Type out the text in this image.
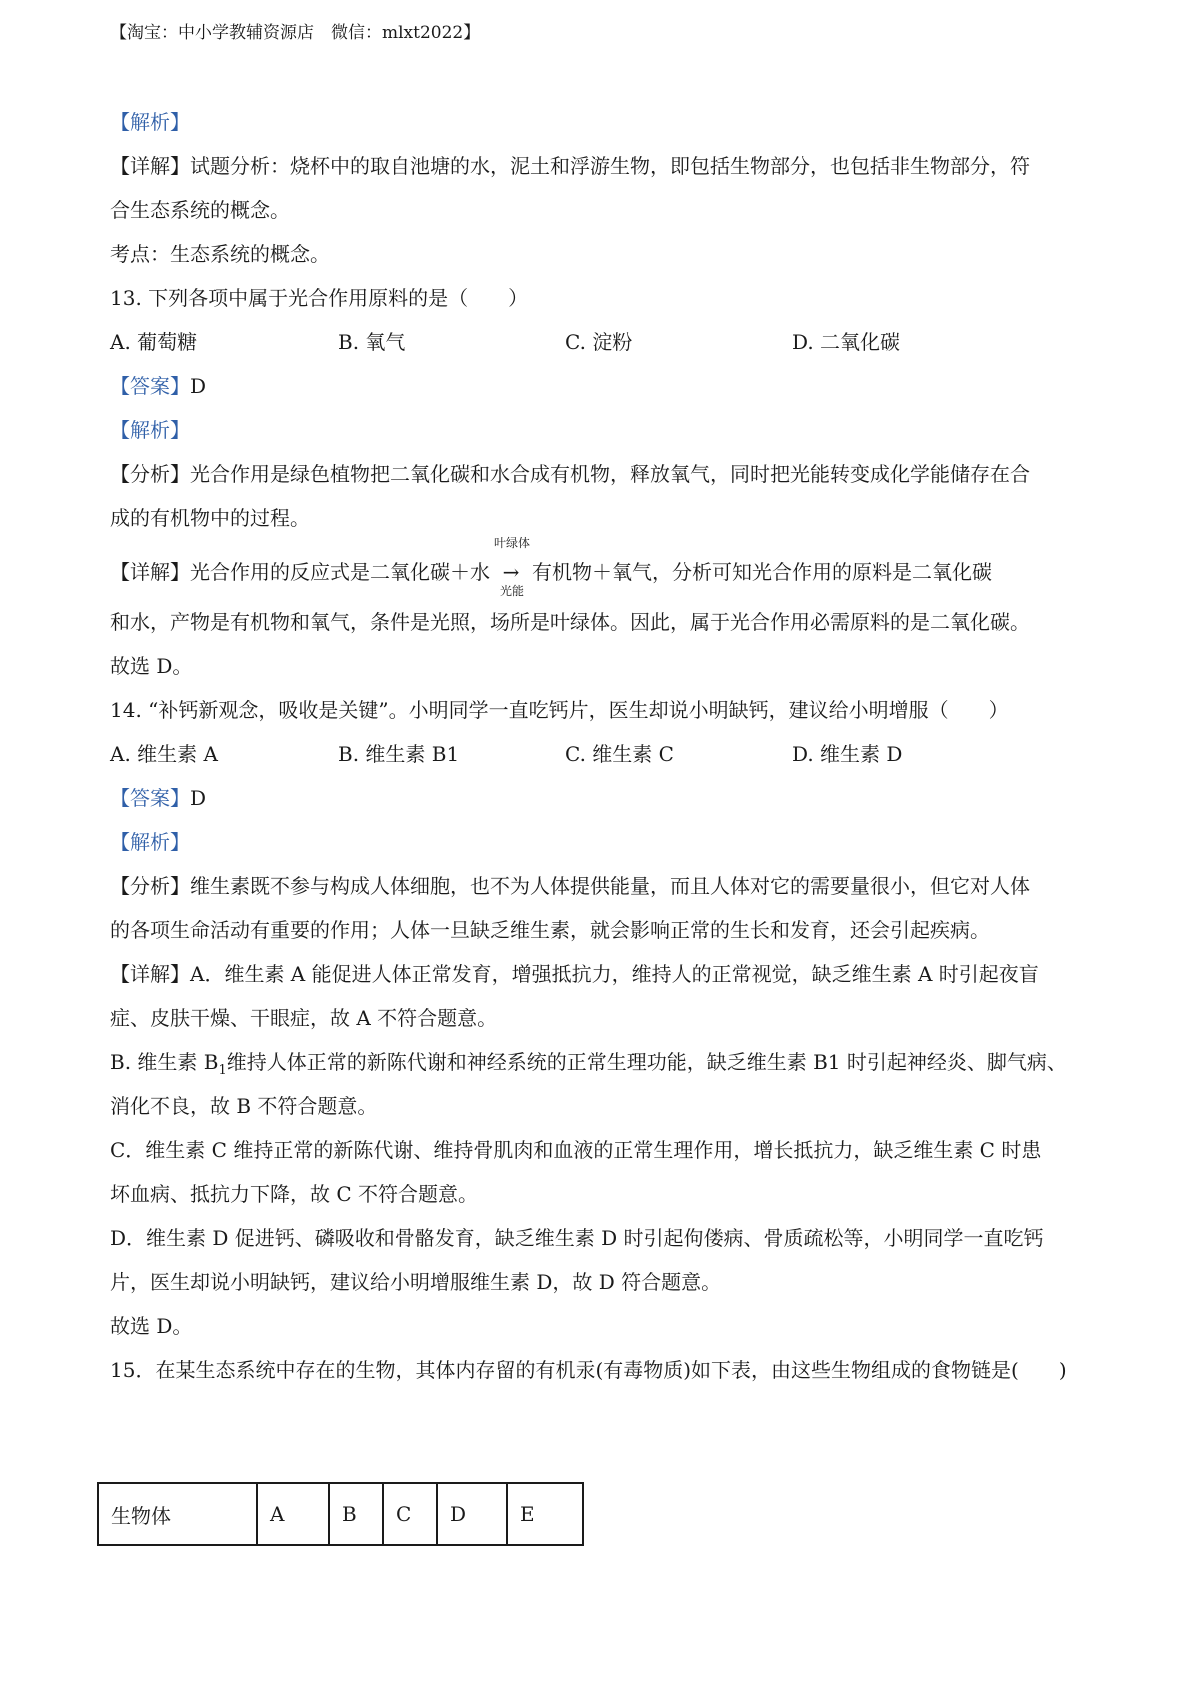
【淘宝：中小学教辅资源店　微信：mlxt2022】
【解析】
【详解】试题分析：烧杯中的取自池塘的水，泥土和浮游生物，即包括生物部分，也包括非生物部分，符
合生态系统的概念。
考点：生态系统的概念。
13. 下列各项中属于光合作用原料的是（　　）
A. 葡萄糖	B. 氧气	C. 淀粉	D. 二氧化碳
【答案】D
【解析】
【分析】光合作用是绿色植物把二氧化碳和水合成有机物，释放氧气，同时把光能转变成化学能储存在合
成的有机物中的过程。
【详解】光合作用的反应式是二氧化碳＋水
叶绿体
→
光能
有机物＋氧气，分析可知光合作用的原料是二氧化碳
和水，产物是有机物和氧气，条件是光照，场所是叶绿体。因此，属于光合作用必需原料的是二氧化碳。
故选 D。
14. “补钙新观念，吸收是关键”。小明同学一直吃钙片，医生却说小明缺钙，建议给小明增服（　　）
A. 维生素 A	B. 维生素 B1	C. 维生素 C	D. 维生素 D
【答案】D
【解析】
【分析】维生素既不参与构成人体细胞，也不为人体提供能量，而且人体对它的需要量很小，但它对人体
的各项生命活动有重要的作用；人体一旦缺乏维生素，就会影响正常的生长和发育，还会引起疾病。
【详解】A．维生素 A 能促进人体正常发育，增强抵抗力，维持人的正常视觉，缺乏维生素 A 时引起夜盲
症、皮肤干燥、干眼症，故 A 不符合题意。
B. 维生素 $B_1$维持人体正常的新陈代谢和神经系统的正常生理功能，缺乏维生素 B1 时引起神经炎、脚气病、
消化不良，故 B 不符合题意。
C．维生素 C 维持正常的新陈代谢、维持骨肌肉和血液的正常生理作用，增长抵抗力，缺乏维生素 C 时患
坏血病、抵抗力下降，故 C 不符合题意。
D．维生素 D 促进钙、磷吸收和骨骼发育，缺乏维生素 D 时引起佝偻病、骨质疏松等，小明同学一直吃钙
片，医生却说小明缺钙，建议给小明增服维生素 D，故 D 符合题意。
故选 D。
15．在某生态系统中存在的生物，其体内存留的有机汞(有毒物质)如下表，由这些生物组成的食物链是(　　)
生物体	A	B	C	D	E
